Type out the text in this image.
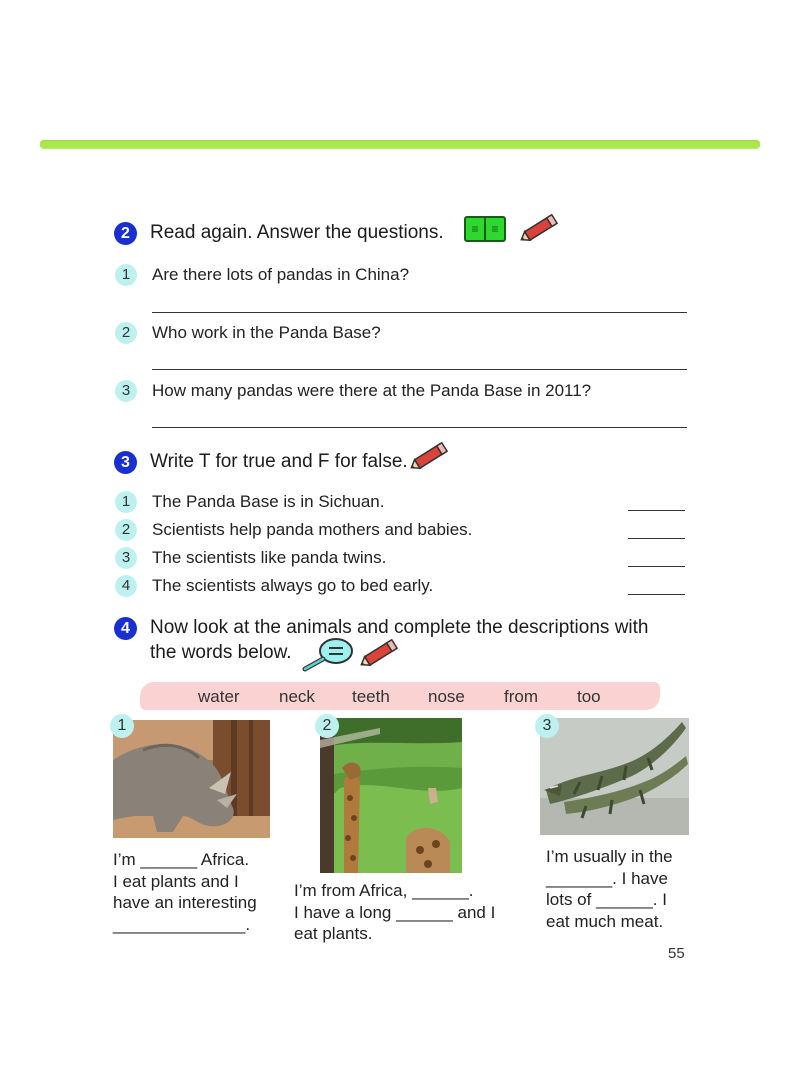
2	Read again. Answer the questions.	≡	≡
1	Are there lots of pandas in China?
2	Who work in the Panda Base?
3	How many pandas were there at the Panda Base in 2011?
3	Write T for true and F for false.
1	The Panda Base is in Sichuan.
2	Scientists help panda mothers and babies.
3	The scientists like panda twins.
4	The scientists always go to bed early.
4	Now look at the animals and complete the descriptions with
the words below.
water neck teeth nose from too
1	2	3
I’m ______ Africa.
I eat plants and I
have an interesting
______________.
I’m from Africa, ______.
I have a long ______ and I
eat plants.
I’m usually in the
_______. I have
lots of ______. I
eat much meat.
55
